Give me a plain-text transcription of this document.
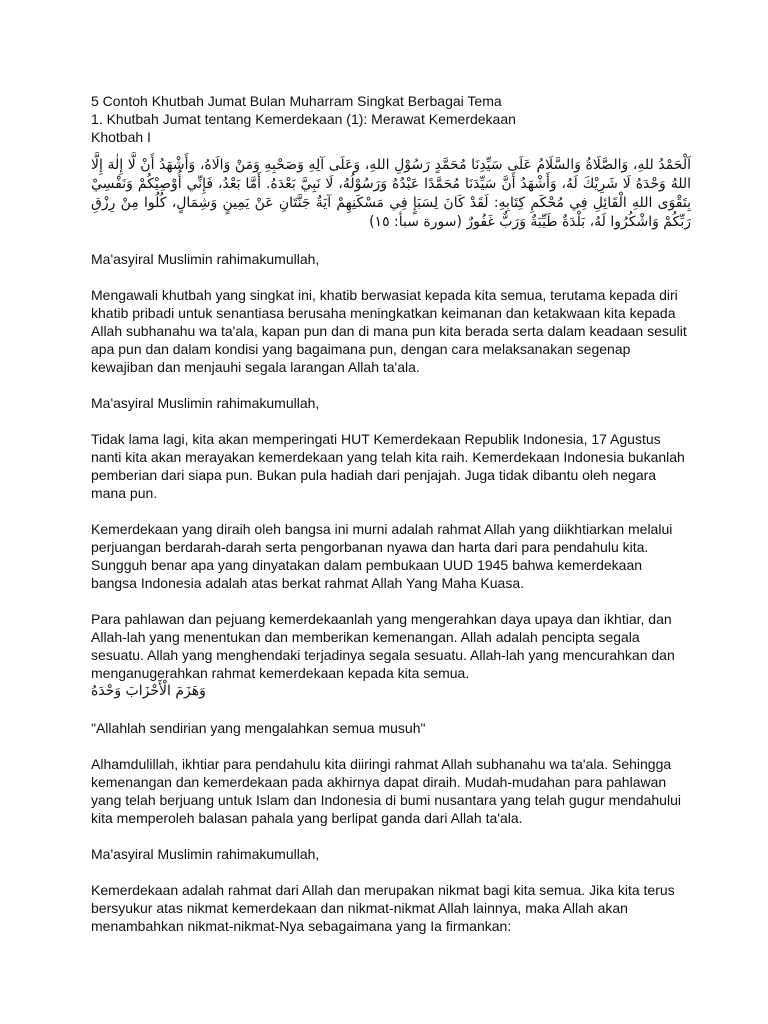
5 Contoh Khutbah Jumat Bulan Muharram Singkat Berbagai Tema

1. Khutbah Jumat tentang Kemerdekaan (1): Merawat Kemerdekaan

Khotbah I

اَلْحَمْدُ للهِ، وَالصَّلَاةُ وَالسَّلَامُ عَلَى سَيِّدِنَا مُحَمَّدٍ رَسُوْلِ اللهِ، وَعَلَى آلِهِ وَصَحْبِهِ وَمَنْ وَالَاهُ، وَأَشْهَدُ أَنْ لَّا إِلٰهَ إِلَّا اللهُ وَحْدَهُ لَا شَرِيْكَ لَهُ، وَأَشْهَدُ أَنَّ سَيِّدَنَا مُحَمَّدًا عَبْدُهُ وَرَسُوْلُهُ، لَا نَبِيَّ بَعْدَهُ. أَمَّا بَعْدُ، فَإِنِّي أُوْصِيْكُمْ وَنَفْسِيْ بِتَقْوَى اللهِ الْقَائِلِ فِي مُحْكَمِ كِتَابِهِ: لَقَدْ كَانَ لِسَبَإٍ فِي مَسْكَنِهِمْ آيَةٌ جَنَّتَانِ عَنْ يَمِينٍ وَشِمَالٍ، كُلُوا مِنْ رِزْقِ رَبِّكُمْ وَاشْكُرُوا لَهُ، بَلْدَةٌ طَيِّبَةٌ وَرَبٌّ غَفُورٌ (سورة سبأ: ١٥)

Ma'asyiral Muslimin rahimakumullah,

Mengawali khutbah yang singkat ini, khatib berwasiat kepada kita semua, terutama kepada diri khatib pribadi untuk senantiasa berusaha meningkatkan keimanan dan ketakwaan kita kepada Allah subhanahu wa ta'ala, kapan pun dan di mana pun kita berada serta dalam keadaan sesulit apa pun dan dalam kondisi yang bagaimana pun, dengan cara melaksanakan segenap kewajiban dan menjauhi segala larangan Allah ta'ala.

Ma'asyiral Muslimin rahimakumullah,

Tidak lama lagi, kita akan memperingati HUT Kemerdekaan Republik Indonesia, 17 Agustus nanti kita akan merayakan kemerdekaan yang telah kita raih. Kemerdekaan Indonesia bukanlah pemberian dari siapa pun. Bukan pula hadiah dari penjajah. Juga tidak dibantu oleh negara mana pun.

Kemerdekaan yang diraih oleh bangsa ini murni adalah rahmat Allah yang diikhtiarkan melalui perjuangan berdarah-darah serta pengorbanan nyawa dan harta dari para pendahulu kita. Sungguh benar apa yang dinyatakan dalam pembukaan UUD 1945 bahwa kemerdekaan bangsa Indonesia adalah atas berkat rahmat Allah Yang Maha Kuasa.

Para pahlawan dan pejuang kemerdekaanlah yang mengerahkan daya upaya dan ikhtiar, dan Allah-lah yang menentukan dan memberikan kemenangan. Allah adalah pencipta segala sesuatu. Allah yang menghendaki terjadinya segala sesuatu. Allah-lah yang mencurahkan dan menganugerahkan rahmat kemerdekaan kepada kita semua.

وَهَزَمَ الْأَحْزَابَ وَحْدَهُ

"Allahlah sendirian yang mengalahkan semua musuh"

Alhamdulillah, ikhtiar para pendahulu kita diiringi rahmat Allah subhanahu wa ta'ala. Sehingga kemenangan dan kemerdekaan pada akhirnya dapat diraih. Mudah-mudahan para pahlawan yang telah berjuang untuk Islam dan Indonesia di bumi nusantara yang telah gugur mendahului kita memperoleh balasan pahala yang berlipat ganda dari Allah ta'ala.

Ma'asyiral Muslimin rahimakumullah,

Kemerdekaan adalah rahmat dari Allah dan merupakan nikmat bagi kita semua. Jika kita terus bersyukur atas nikmat kemerdekaan dan nikmat-nikmat Allah lainnya, maka Allah akan menambahkan nikmat-nikmat-Nya sebagaimana yang Ia firmankan:
